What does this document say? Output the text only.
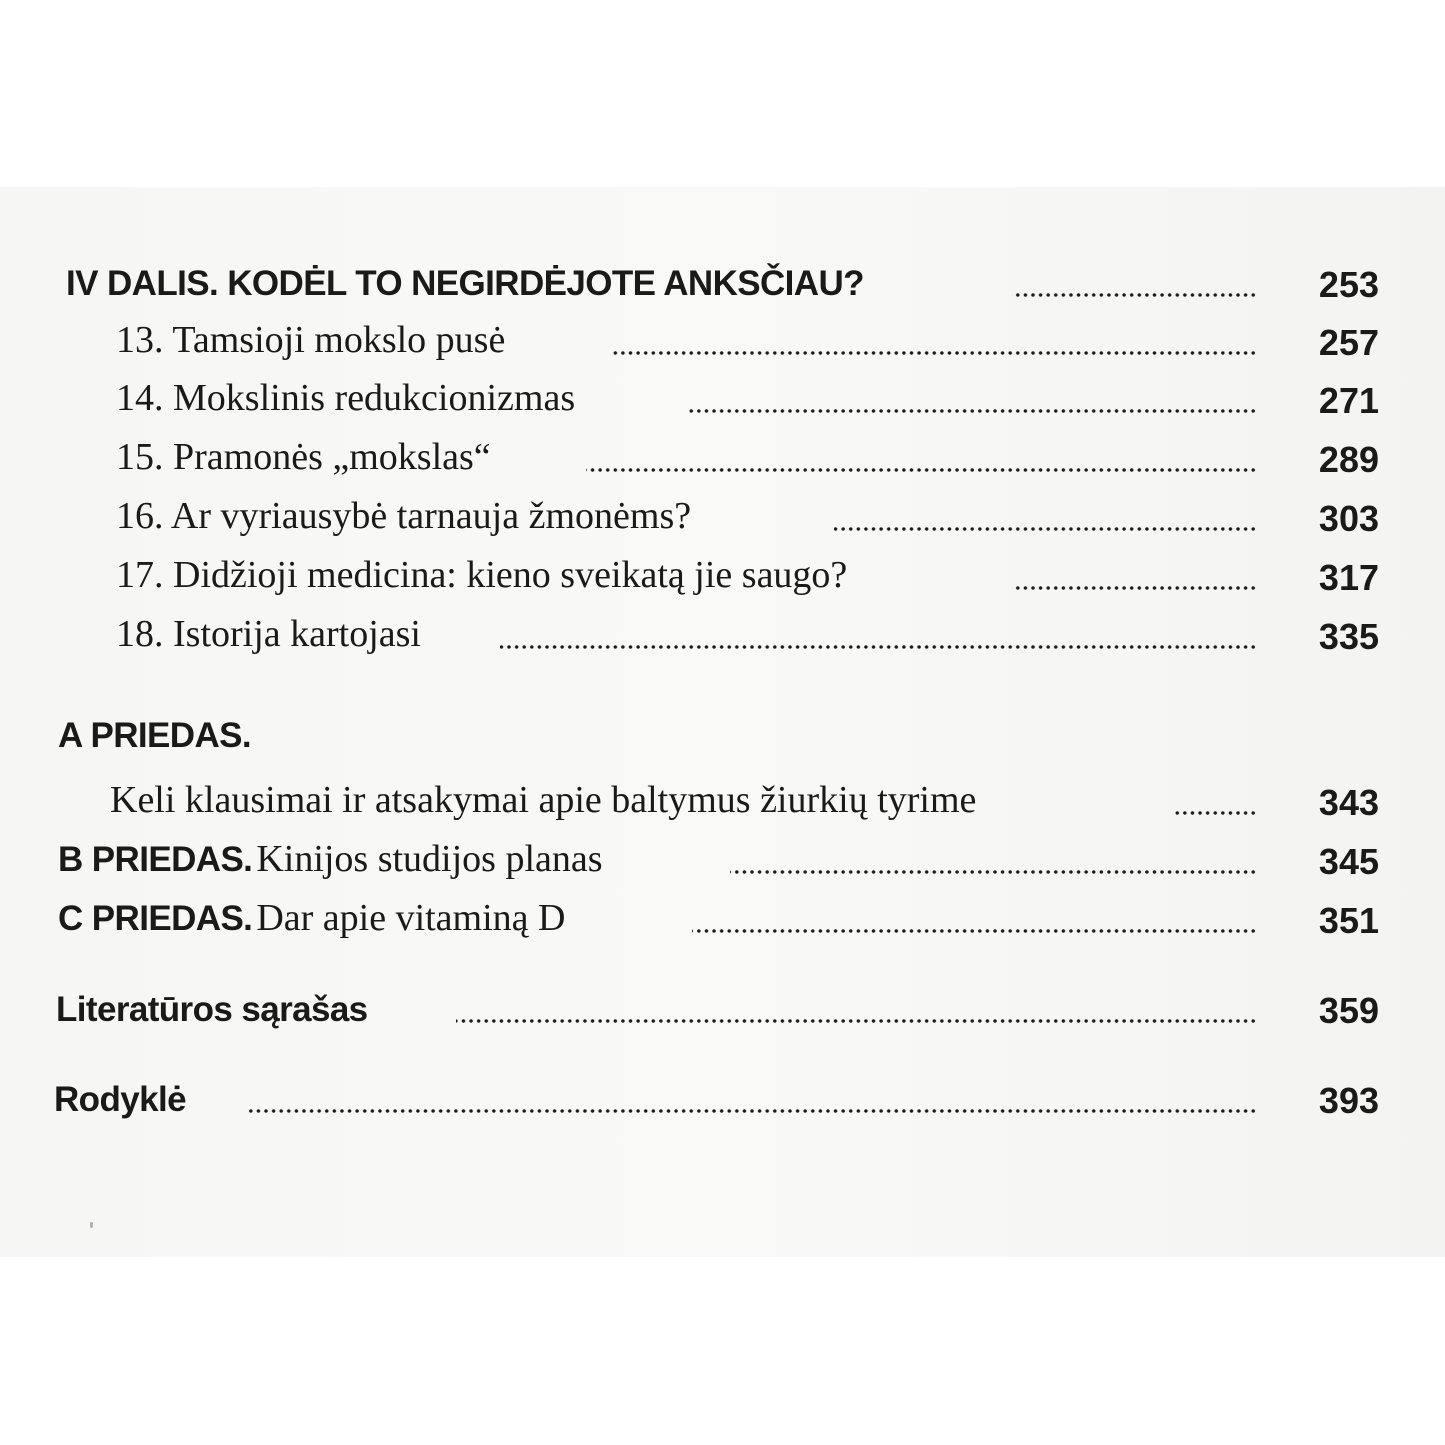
IV DALIS. KODĖL TO NEGIRDĖJOTE ANKSČIAU?	253
13. Tamsioji mokslo pusė	257
14. Mokslinis redukcionizmas	271
15. Pramonės „mokslas“	289
16. Ar vyriausybė tarnauja žmonėms?	303
17. Didžioji medicina: kieno sveikatą jie saugo?	317
18. Istorija kartojasi	335
A PRIEDAS.
Keli klausimai ir atsakymai apie baltymus žiurkių tyrime	343
B PRIEDAS. Kinijos studijos planas	345
C PRIEDAS. Dar apie vitaminą D	351
Literatūros sąrašas	359
Rodyklė	393
